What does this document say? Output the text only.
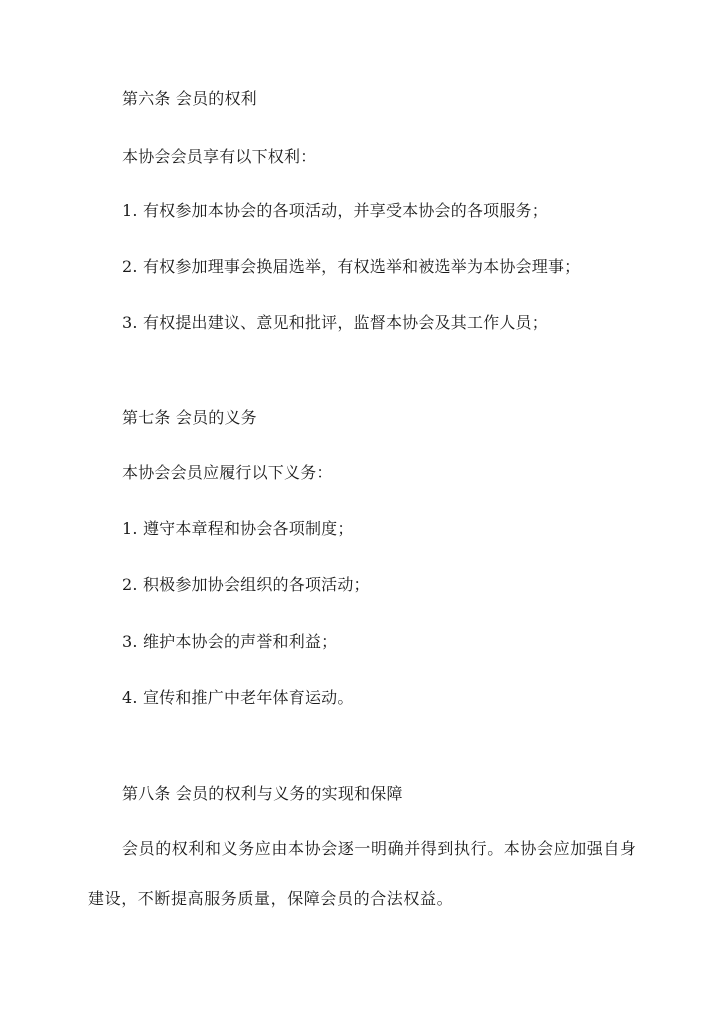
第六条 会员的权利
本协会会员享有以下权利：
1. 有权参加本协会的各项活动，并享受本协会的各项服务；
2. 有权参加理事会换届选举，有权选举和被选举为本协会理事；
3. 有权提出建议、意见和批评，监督本协会及其工作人员；
第七条 会员的义务
本协会会员应履行以下义务：
1. 遵守本章程和协会各项制度；
2. 积极参加协会组织的各项活动；
3. 维护本协会的声誉和利益；
4. 宣传和推广中老年体育运动。
第八条 会员的权利与义务的实现和保障
会员的权利和义务应由本协会逐一明确并得到执行。本协会应加强自身建设，不断提高服务质量，保障会员的合法权益。
